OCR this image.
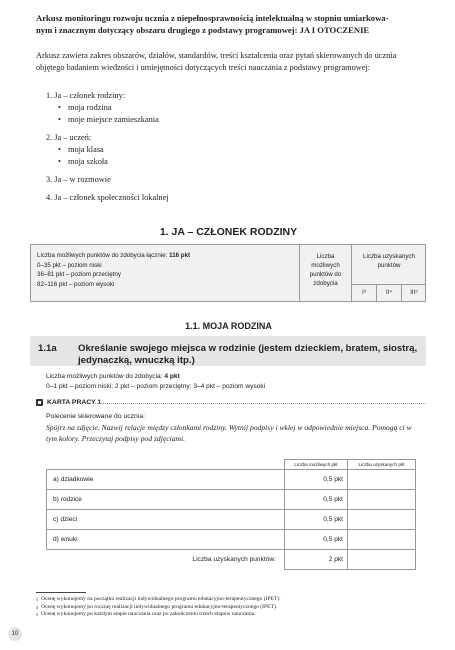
Arkusz monitoringu rozwoju ucznia z niepełnosprawnością intelektualną w stopniu umiarkowa-
nym i znacznym dotyczący obszaru drugiego z podstawy programowej: JA I OTOCZENIE
Arkusz zawiera zakres obszarów, działów, standardów, treści kształcenia oraz pytań skierowanych do ucznia objętego badaniem wiedzości i umiejętności dotyczących treści nauczania z podstawy programowej:

1. Ja – członek rodziny:

• moja rodzina

• moje miejsce zamieszkania

2. Ja – uczeń:

• moja klasa

• moja szkoła

3. Ja – w rozmowie

4. Ja – członek społeczności lokalnej

1. JA – CZŁONEK RODZINY
Liczba możliwych punktów do zdobycia łącznie: 116 pkt
0–35 pkt – poziom niski
36–81 pkt – poziom przeciętny
82–116 pkt – poziom wysoki
Liczba
możliwych
punktów do
zdobycia
Liczba uzyskanych
punktów
I³	II⁴	III⁵
1.1. MOJA RODZINA
1.1a Określanie swojego miejsca w rodzinie (jestem dzieckiem, bratem, siostrą, jedynaczką, wnuczką itp.)
Liczba możliwych punktów do zdobycia: 4 pkt
0–1 pkt – poziom niski; 2 pkt – poziom przeciętny; 3–4 pkt – poziom wysoki
KARTA PRACY 1
Polecenie skierowane do ucznia:
Spójrz na zdjęcie. Nazwij relacje między członkami rodziny. Wytnij podpisy i wklej w odpowiednie miejsca. Pomogą ci w tym kolory. Przeczytaj podpisy pod zdjęciami.
	Liczba możliwych pkt	Liczba uzyskanych pkt
a) dziadkowie	0,5 pkt	
b) rodzice	0,5 pkt	
c) dzieci	0,5 pkt	
d) wnuki	0,5 pkt	
Liczba uzyskanych punktów:	2 pkt	
$^3$ Ocenę wykonujemy na początku realizacji indywidualnego programu edukacyjno-terapeutycznego (IPET).
$^4$ Ocenę wykonujemy po rocznej realizacji indywidualnego programu edukacyjno-terapeutycznego (IPET).
$^5$ Ocenę wykonujemy po każdym etapie nauczania oraz po zakończeniu trzech etapów nauczania.
10
